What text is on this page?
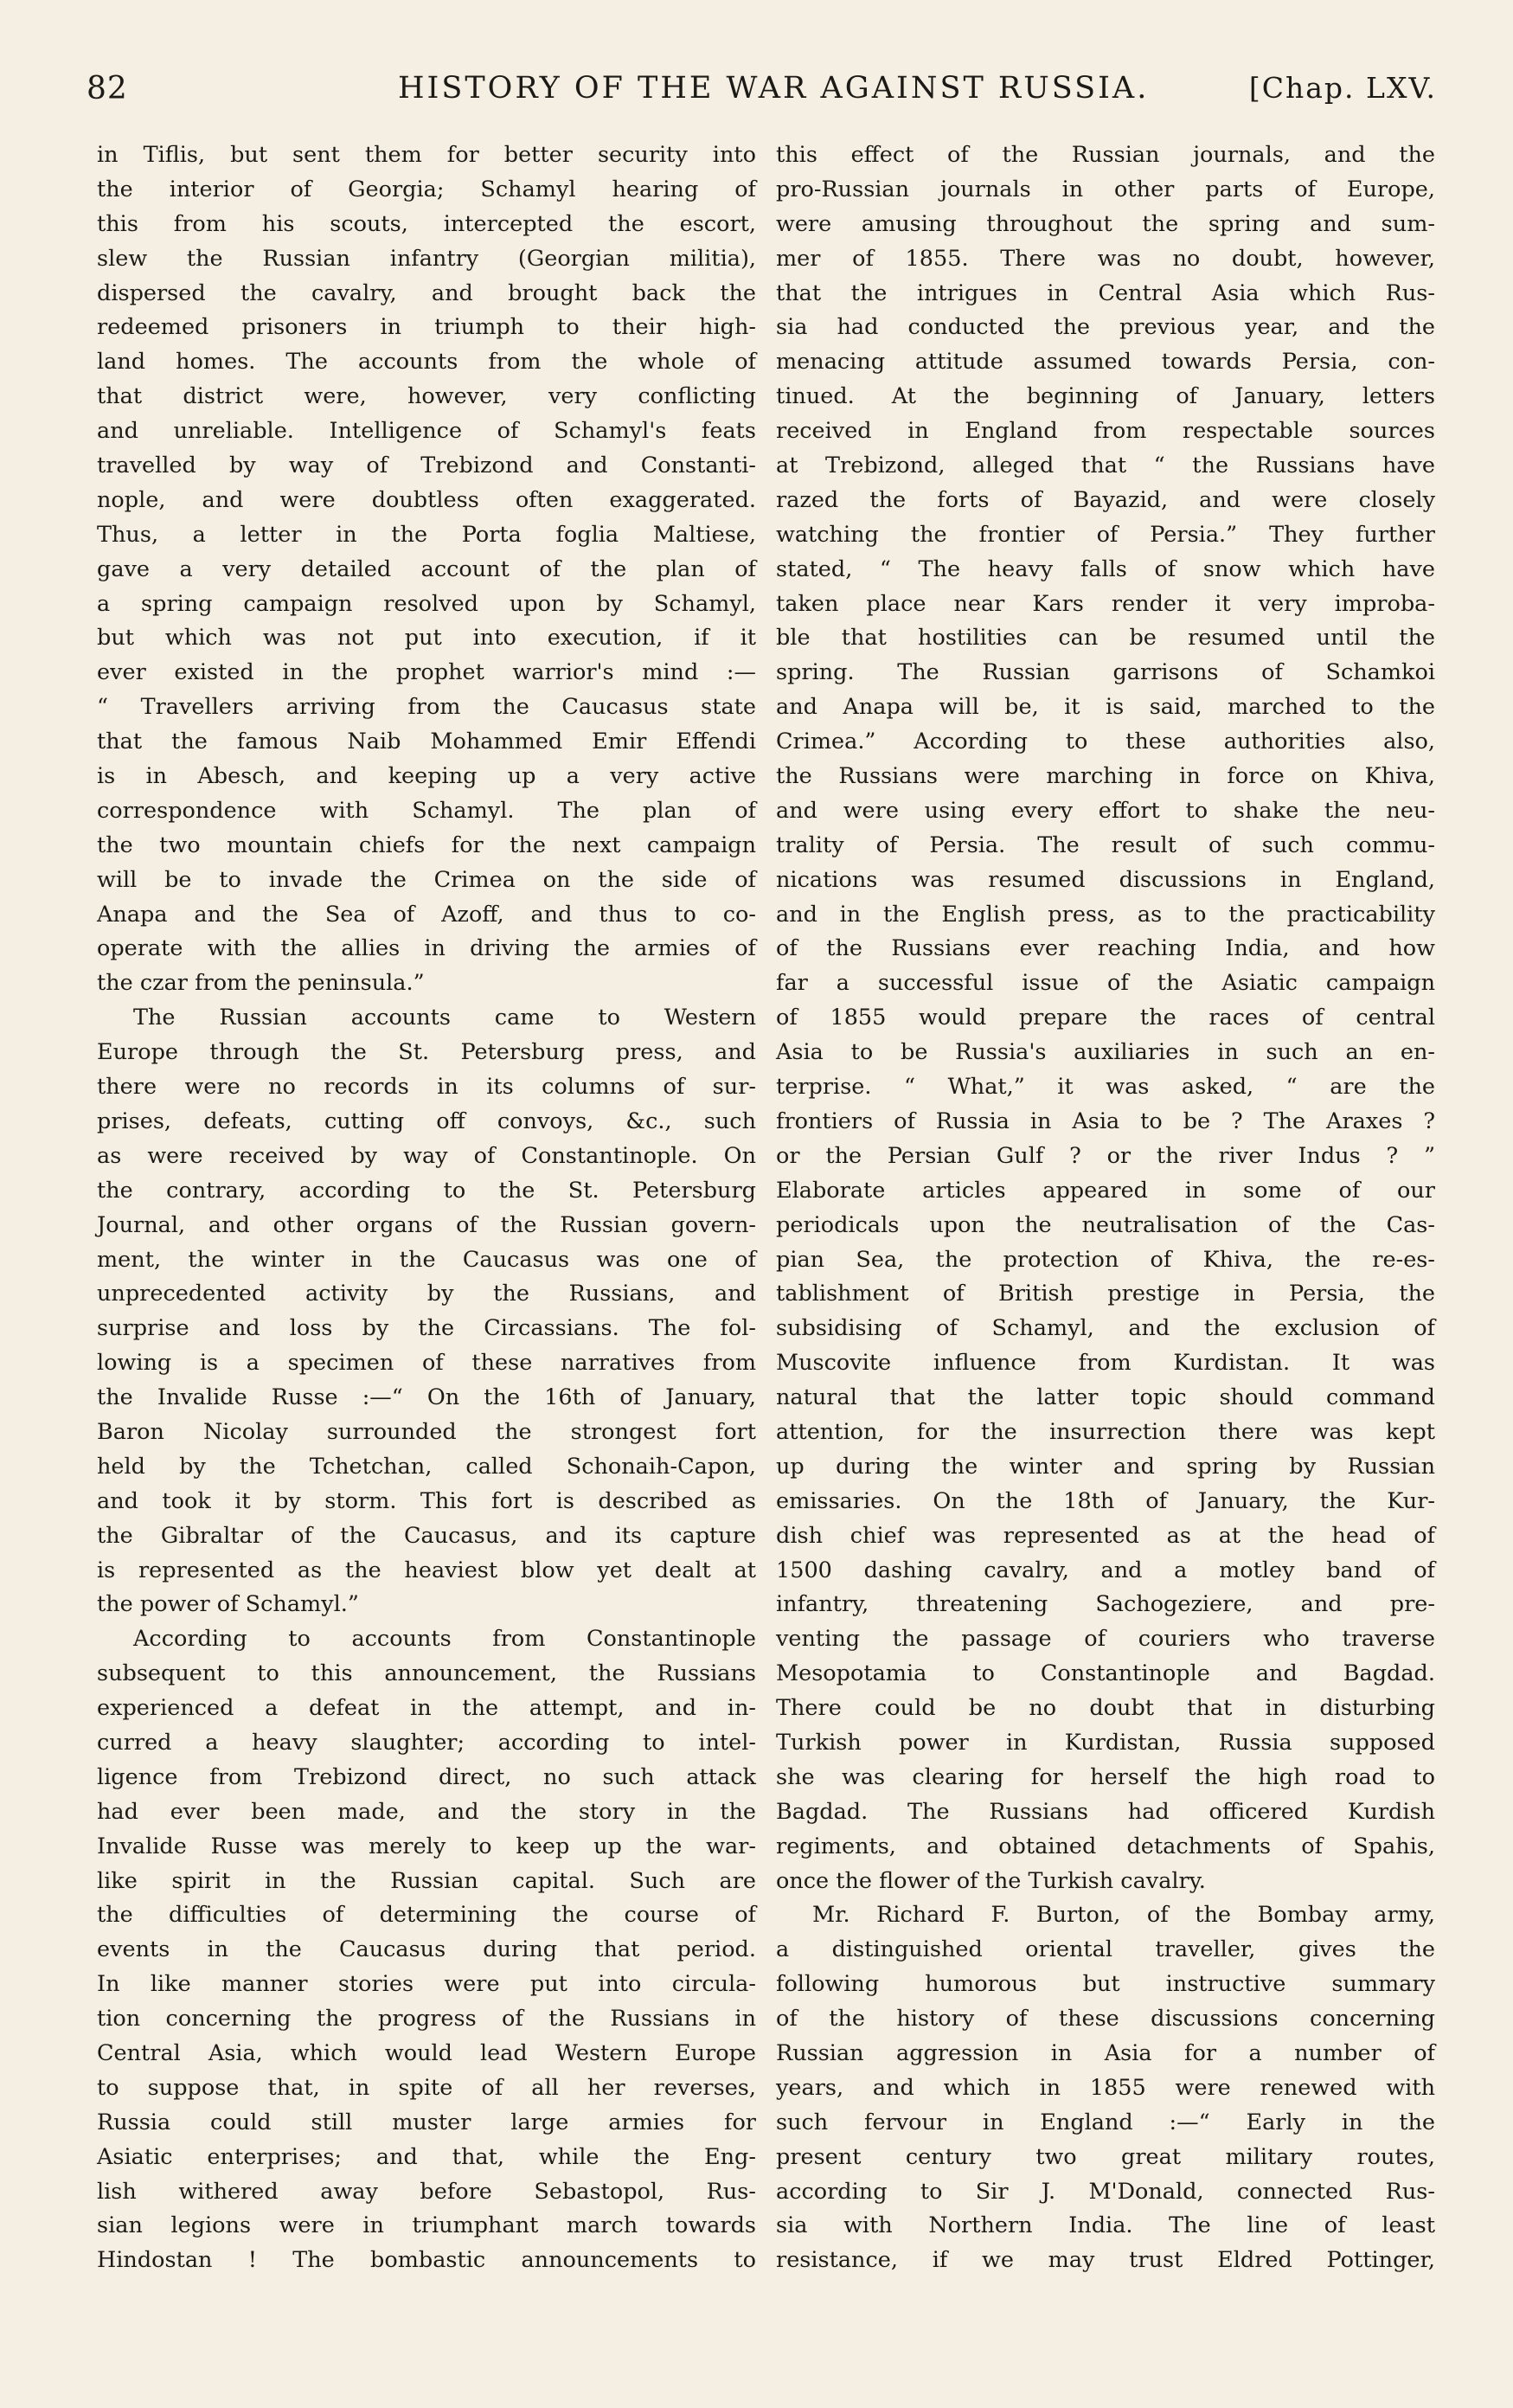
82	HISTORY OF THE WAR AGAINST RUSSIA.	[Chap. LXV.
in Tiflis, but sent them for better security into
the interior of Georgia; Schamyl hearing of
this from his scouts, intercepted the escort,
slew the Russian infantry (Georgian militia),
dispersed the cavalry, and brought back the
redeemed prisoners in triumph to their high-
land homes. The accounts from the whole of
that district were, however, very conflicting
and unreliable. Intelligence of Schamyl's feats
travelled by way of Trebizond and Constanti-
nople, and were doubtless often exaggerated.
Thus, a letter in the Porta foglia Maltiese,
gave a very detailed account of the plan of
a spring campaign resolved upon by Schamyl,
but which was not put into execution, if it
ever existed in the prophet warrior's mind :—
“ Travellers arriving from the Caucasus state
that the famous Naib Mohammed Emir Effendi
is in Abesch, and keeping up a very active
correspondence with Schamyl. The plan of
the two mountain chiefs for the next campaign
will be to invade the Crimea on the side of
Anapa and the Sea of Azoff, and thus to co-
operate with the allies in driving the armies of
the czar from the peninsula.”
The Russian accounts came to Western
Europe through the St. Petersburg press, and
there were no records in its columns of sur-
prises, defeats, cutting off convoys, &c., such
as were received by way of Constantinople. On
the contrary, according to the St. Petersburg
Journal, and other organs of the Russian govern-
ment, the winter in the Caucasus was one of
unprecedented activity by the Russians, and
surprise and loss by the Circassians. The fol-
lowing is a specimen of these narratives from
the Invalide Russe :—“ On the 16th of January,
Baron Nicolay surrounded the strongest fort
held by the Tchetchan, called Schonaih-Capon,
and took it by storm. This fort is described as
the Gibraltar of the Caucasus, and its capture
is represented as the heaviest blow yet dealt at
the power of Schamyl.”
According to accounts from Constantinople
subsequent to this announcement, the Russians
experienced a defeat in the attempt, and in-
curred a heavy slaughter; according to intel-
ligence from Trebizond direct, no such attack
had ever been made, and the story in the
Invalide Russe was merely to keep up the war-
like spirit in the Russian capital. Such are
the difficulties of determining the course of
events in the Caucasus during that period.
In like manner stories were put into circula-
tion concerning the progress of the Russians in
Central Asia, which would lead Western Europe
to suppose that, in spite of all her reverses,
Russia could still muster large armies for
Asiatic enterprises; and that, while the Eng-
lish withered away before Sebastopol, Rus-
sian legions were in triumphant march towards
Hindostan ! The bombastic announcements to
this effect of the Russian journals, and the
pro-Russian journals in other parts of Europe,
were amusing throughout the spring and sum-
mer of 1855. There was no doubt, however,
that the intrigues in Central Asia which Rus-
sia had conducted the previous year, and the
menacing attitude assumed towards Persia, con-
tinued. At the beginning of January, letters
received in England from respectable sources
at Trebizond, alleged that “ the Russians have
razed the forts of Bayazid, and were closely
watching the frontier of Persia.” They further
stated, “ The heavy falls of snow which have
taken place near Kars render it very improba-
ble that hostilities can be resumed until the
spring. The Russian garrisons of Schamkoi
and Anapa will be, it is said, marched to the
Crimea.” According to these authorities also,
the Russians were marching in force on Khiva,
and were using every effort to shake the neu-
trality of Persia. The result of such commu-
nications was resumed discussions in England,
and in the English press, as to the practicability
of the Russians ever reaching India, and how
far a successful issue of the Asiatic campaign
of 1855 would prepare the races of central
Asia to be Russia's auxiliaries in such an en-
terprise. “ What,” it was asked, “ are the
frontiers of Russia in Asia to be ? The Araxes ?
or the Persian Gulf ? or the river Indus ? ”
Elaborate articles appeared in some of our
periodicals upon the neutralisation of the Cas-
pian Sea, the protection of Khiva, the re-es-
tablishment of British prestige in Persia, the
subsidising of Schamyl, and the exclusion of
Muscovite influence from Kurdistan. It was
natural that the latter topic should command
attention, for the insurrection there was kept
up during the winter and spring by Russian
emissaries. On the 18th of January, the Kur-
dish chief was represented as at the head of
1500 dashing cavalry, and a motley band of
infantry, threatening Sachogeziere, and pre-
venting the passage of couriers who traverse
Mesopotamia to Constantinople and Bagdad.
There could be no doubt that in disturbing
Turkish power in Kurdistan, Russia supposed
she was clearing for herself the high road to
Bagdad. The Russians had officered Kurdish
regiments, and obtained detachments of Spahis,
once the flower of the Turkish cavalry.
Mr. Richard F. Burton, of the Bombay army,
a distinguished oriental traveller, gives the
following humorous but instructive summary
of the history of these discussions concerning
Russian aggression in Asia for a number of
years, and which in 1855 were renewed with
such fervour in England :—“ Early in the
present century two great military routes,
according to Sir J. M'Donald, connected Rus-
sia with Northern India. The line of least
resistance, if we may trust Eldred Pottinger,
